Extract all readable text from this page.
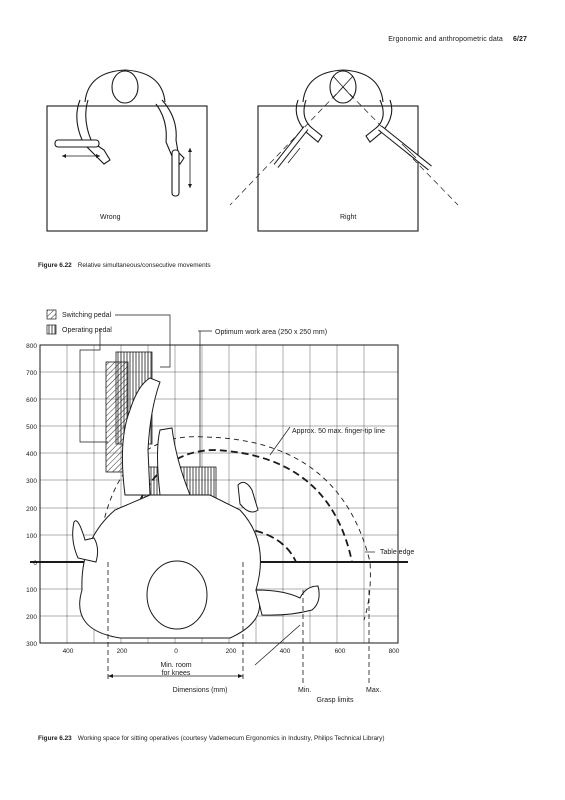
Ergonomic and anthropometric data 6/27
Wrong	Right
Figure 6.22 Relative simultaneous/consecutive movements
800
700
600
500
400
300
200
100
0
100
200
300
400	200	0	200	400	600	800
Switching pedal
Operating pedal	Optimum work area (250 x 250 mm)
Approx. 50 max. finger-tip line
Table edge
Min. room
for knees
Dimensions (mm)	Min.	Max.
Grasp limits
Figure 6.23 Working space for sitting operatives (courtesy Vademecum Ergonomics in Industry, Philips Technical Library)
